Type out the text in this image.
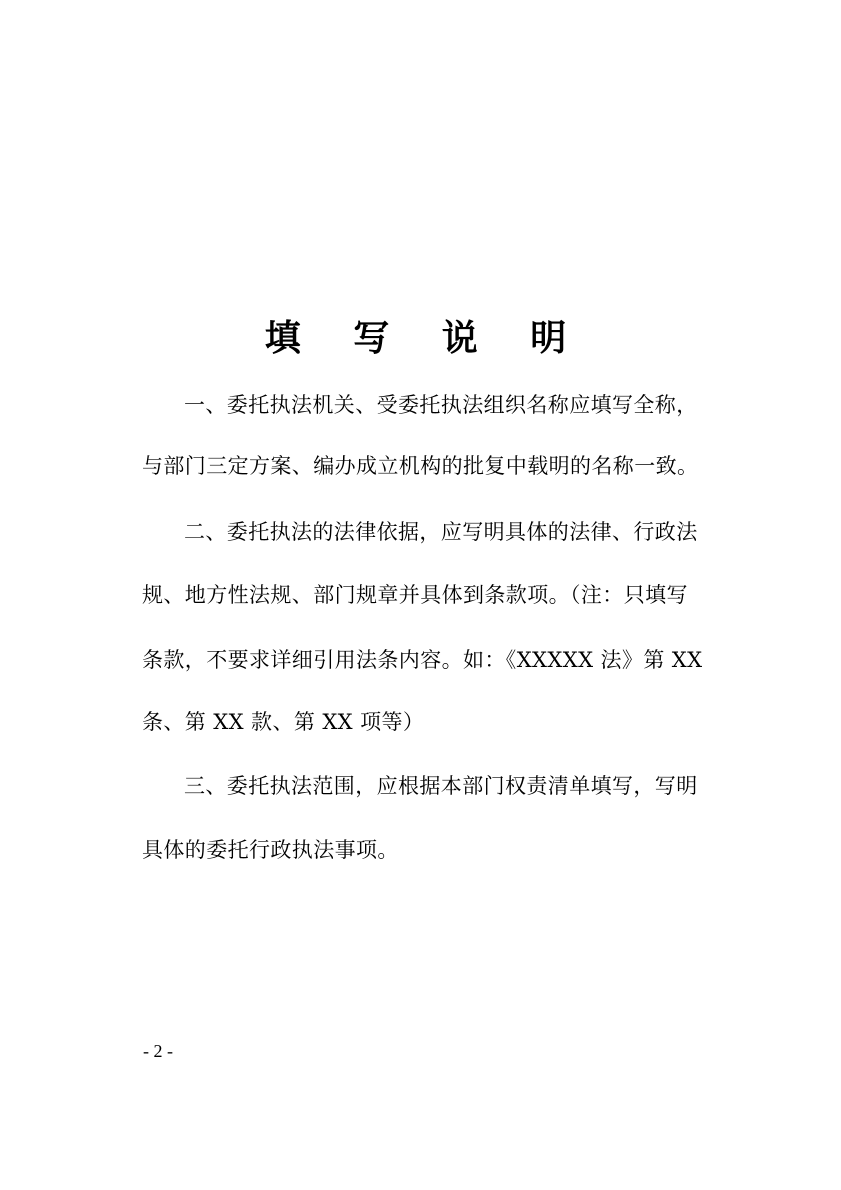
填 写 说 明
一、委托执法机关、受委托执法组织名称应填写全称，
与部门三定方案、编办成立机构的批复中载明的名称一致。
二、委托执法的法律依据，应写明具体的法律、行政法
规、地方性法规、部门规章并具体到条款项。（注：只填写
条款，不要求详细引用法条内容。如：《XXXXX 法》第 XX
条、第 XX 款、第 XX 项等）
三、委托执法范围，应根据本部门权责清单填写，写明
具体的委托行政执法事项。
- 2 -
